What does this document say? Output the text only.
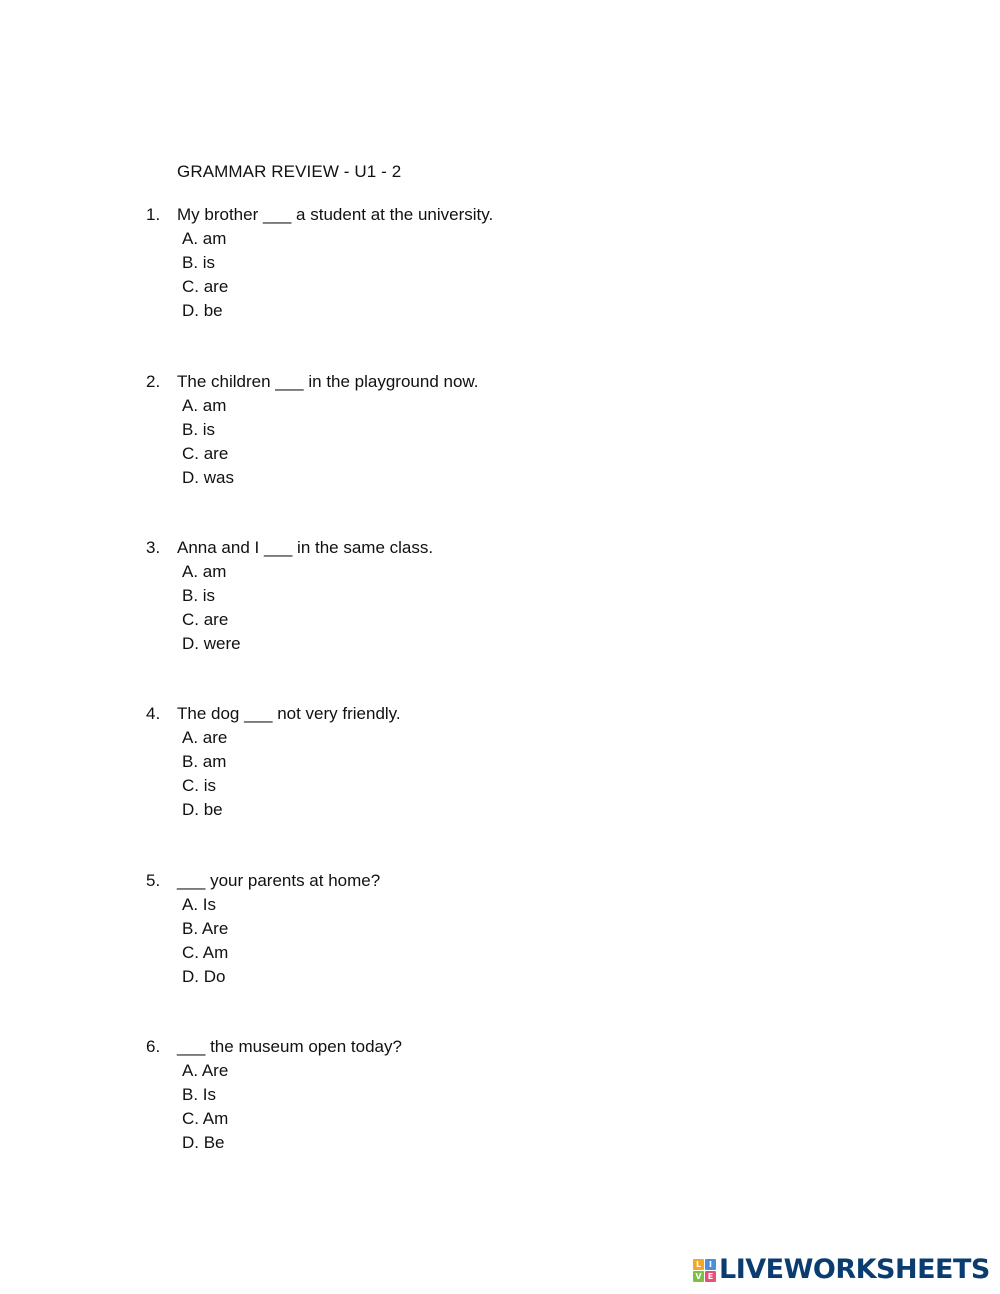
GRAMMAR REVIEW - U1 - 2
1. My brother ___ a student at the university.
A. am
B. is
C. are
D. be
2. The children ___ in the playground now.
A. am
B. is
C. are
D. was
3. Anna and I ___ in the same class.
A. am
B. is
C. are
D. were
4. The dog ___ not very friendly.
A. are
B. am
C. is
D. be
5. ___ your parents at home?
A. Is
B. Are
C. Am
D. Do
6. ___ the museum open today?
A. Are
B. Is
C. Am
D. Be
L I
V E LIVEWORKSHEETS
